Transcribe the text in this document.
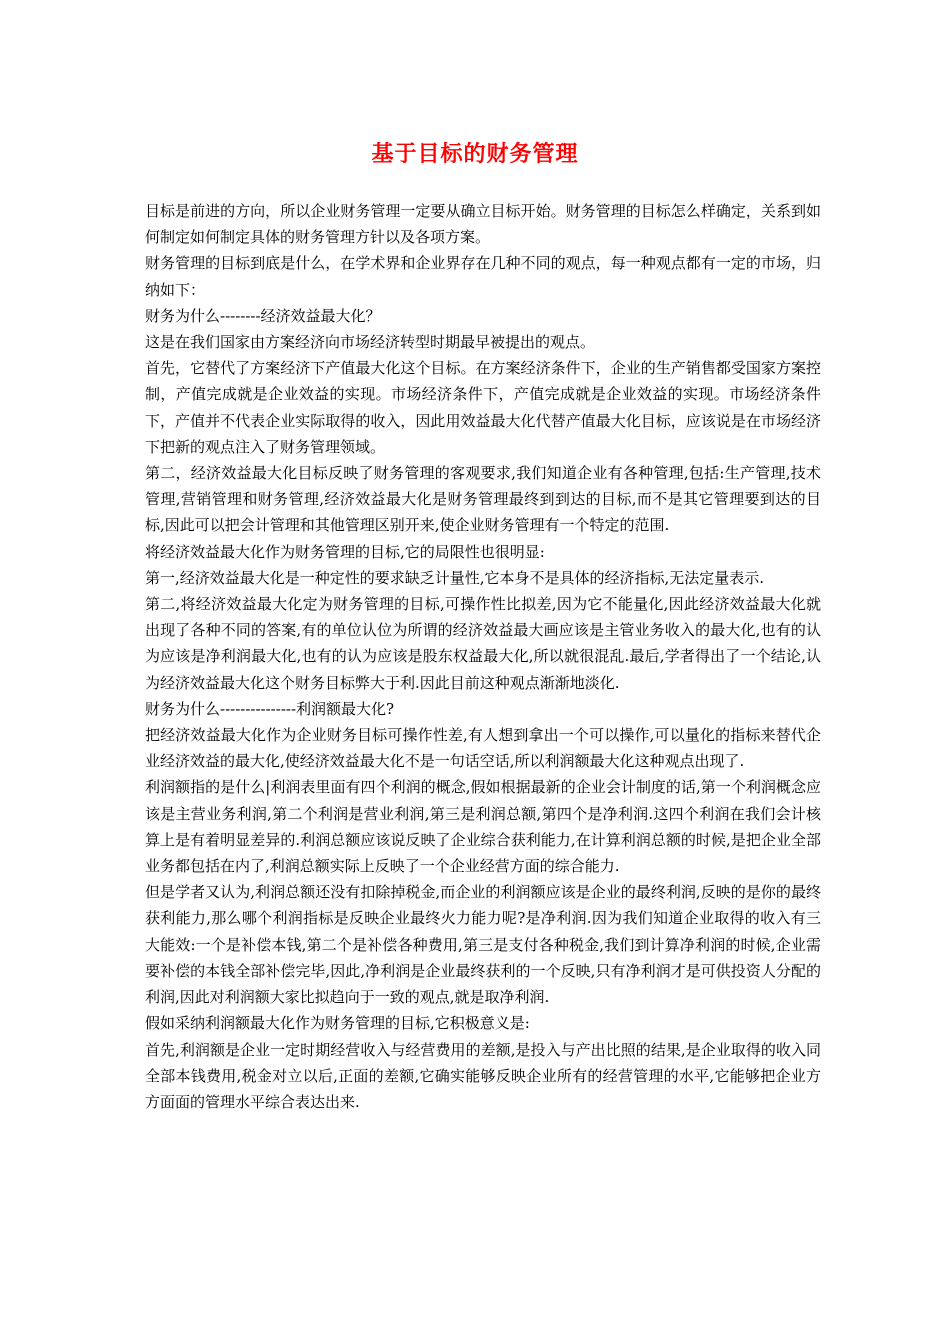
基于目标的财务管理

目标是前进的方向，所以企业财务管理一定要从确立目标开始。财务管理的目标怎么样确定，关系到如何制定如何制定具体的财务管理方针以及各项方案。

财务管理的目标到底是什么，在学术界和企业界存在几种不同的观点，每一种观点都有一定的市场，归纳如下：

财务为什么--------经济效益最大化？

这是在我们国家由方案经济向市场经济转型时期最早被提出的观点。

首先，它替代了方案经济下产值最大化这个目标。在方案经济条件下，企业的生产销售都受国家方案控制，产值完成就是企业效益的实现。市场经济条件下，产值完成就是企业效益的实现。市场经济条件下，产值并不代表企业实际取得的收入，因此用效益最大化代替产值最大化目标，应该说是在市场经济下把新的观点注入了财务管理领域。

第二，经济效益最大化目标反映了财务管理的客观要求,我们知道企业有各种管理,包括:生产管理,技术管理,营销管理和财务管理,经济效益最大化是财务管理最终到到达的目标,而不是其它管理要到达的目标,因此可以把会计管理和其他管理区别开来,使企业财务管理有一个特定的范围.

将经济效益最大化作为财务管理的目标,它的局限性也很明显:

第一,经济效益最大化是一种定性的要求缺乏计量性,它本身不是具体的经济指标,无法定量表示.

第二,将经济效益最大化定为财务管理的目标,可操作性比拟差,因为它不能量化,因此经济效益最大化就出现了各种不同的答案,有的单位认位为所谓的经济效益最大画应该是主管业务收入的最大化,也有的认为应该是净利润最大化,也有的认为应该是股东权益最大化,所以就很混乱.最后,学者得出了一个结论,认为经济效益最大化这个财务目标弊大于利.因此目前这种观点渐渐地淡化.

财务为什么---------------利润额最大化?

把经济效益最大化作为企业财务目标可操作性差,有人想到拿出一个可以操作,可以量化的指标来替代企业经济效益的最大化,使经济效益最大化不是一句话空话,所以利润额最大化这种观点出现了.

利润额指的是什么|利润表里面有四个利润的概念,假如根据最新的企业会计制度的话,第一个利润概念应该是主营业务利润,第二个利润是营业利润,第三是利润总额,第四个是净利润.这四个利润在我们会计核算上是有着明显差异的.利润总额应该说反映了企业综合获利能力,在计算利润总额的时候,是把企业全部业务都包括在内了,利润总额实际上反映了一个企业经营方面的综合能力.

但是学者又认为,利润总额还没有扣除掉税金,而企业的利润额应该是企业的最终利润,反映的是你的最终获利能力,那么哪个利润指标是反映企业最终火力能力呢?是净利润.因为我们知道企业取得的收入有三大能效:一个是补偿本钱,第二个是补偿各种费用,第三是支付各种税金,我们到计算净利润的时候,企业需要补偿的本钱全部补偿完毕,因此,净利润是企业最终获利的一个反映,只有净利润才是可供投资人分配的利润,因此对利润额大家比拟趋向于一致的观点,就是取净利润.

假如采纳利润额最大化作为财务管理的目标,它积极意义是:

首先,利润额是企业一定时期经营收入与经营费用的差额,是投入与产出比照的结果,是企业取得的收入同全部本钱费用,税金对立以后,正面的差额,它确实能够反映企业所有的经营管理的水平,它能够把企业方方面面的管理水平综合表达出来.
